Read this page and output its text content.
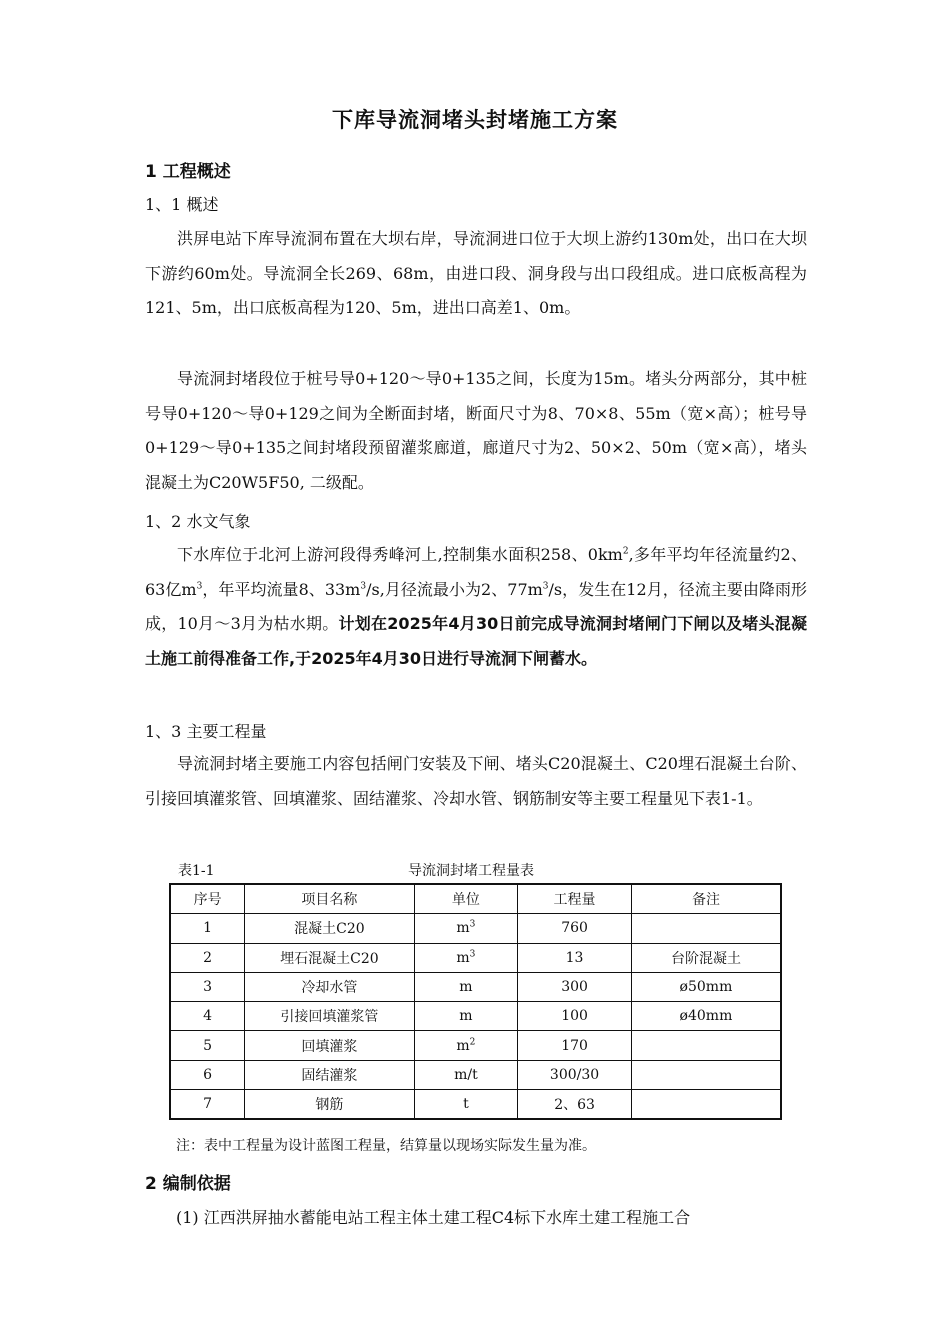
下库导流洞堵头封堵施工方案
1 工程概述
1、1 概述

洪屏电站下库导流洞布置在大坝右岸，导流洞进口位于大坝上游约130m处，出口在大坝下游约60m处。导流洞全长269、68m，由进口段、洞身段与出口段组成。进口底板高程为121、5m，出口底板高程为120、5m，进出口高差1、0m。

导流洞封堵段位于桩号导0+120～导0+135之间，长度为15m。堵头分两部分，其中桩号导0+120～导0+129之间为全断面封堵，断面尺寸为8、70×8、55m（宽×高）；桩号导0+129～导0+135之间封堵段预留灌浆廊道，廊道尺寸为2、50×2、50m（宽×高），堵头混凝土为C20W5F50, 二级配。

1、2 水文气象

下水库位于北河上游河段得秀峰河上,控制集水面积258、$0km^2$,多年平均年径流量约2、63亿$m^3$，年平均流量8、$33m^3/s$,月径流最小为2、$77m^3/s$，发生在12月，径流主要由降雨形成，10月～3月为枯水期。计划在2025年4月30日前完成导流洞封堵闸门下闸以及堵头混凝土施工前得准备工作,于2025年4月30日进行导流洞下闸蓄水。

1、3 主要工程量

导流洞封堵主要施工内容包括闸门安装及下闸、堵头C20混凝土、C20埋石混凝土台阶、引接回填灌浆管、回填灌浆、固结灌浆、冷却水管、钢筋制安等主要工程量见下表1-1。

表1-1	导流洞封堵工程量表
序号	项目名称	单位	工程量	备注
1	混凝土C20	$m^3$	760	
2	埋石混凝土C20	$m^3$	13	台阶混凝土
3	冷却水管	m	300	ø50mm
4	引接回填灌浆管	m	100	ø40mm
5	回填灌浆	$m^2$	170	
6	固结灌浆	m/t	300/30	
7	钢筋	t	2、63	
注：表中工程量为设计蓝图工程量，结算量以现场实际发生量为准。
2 编制依据
(1) 江西洪屏抽水蓄能电站工程主体土建工程C4标下水库土建工程施工合
